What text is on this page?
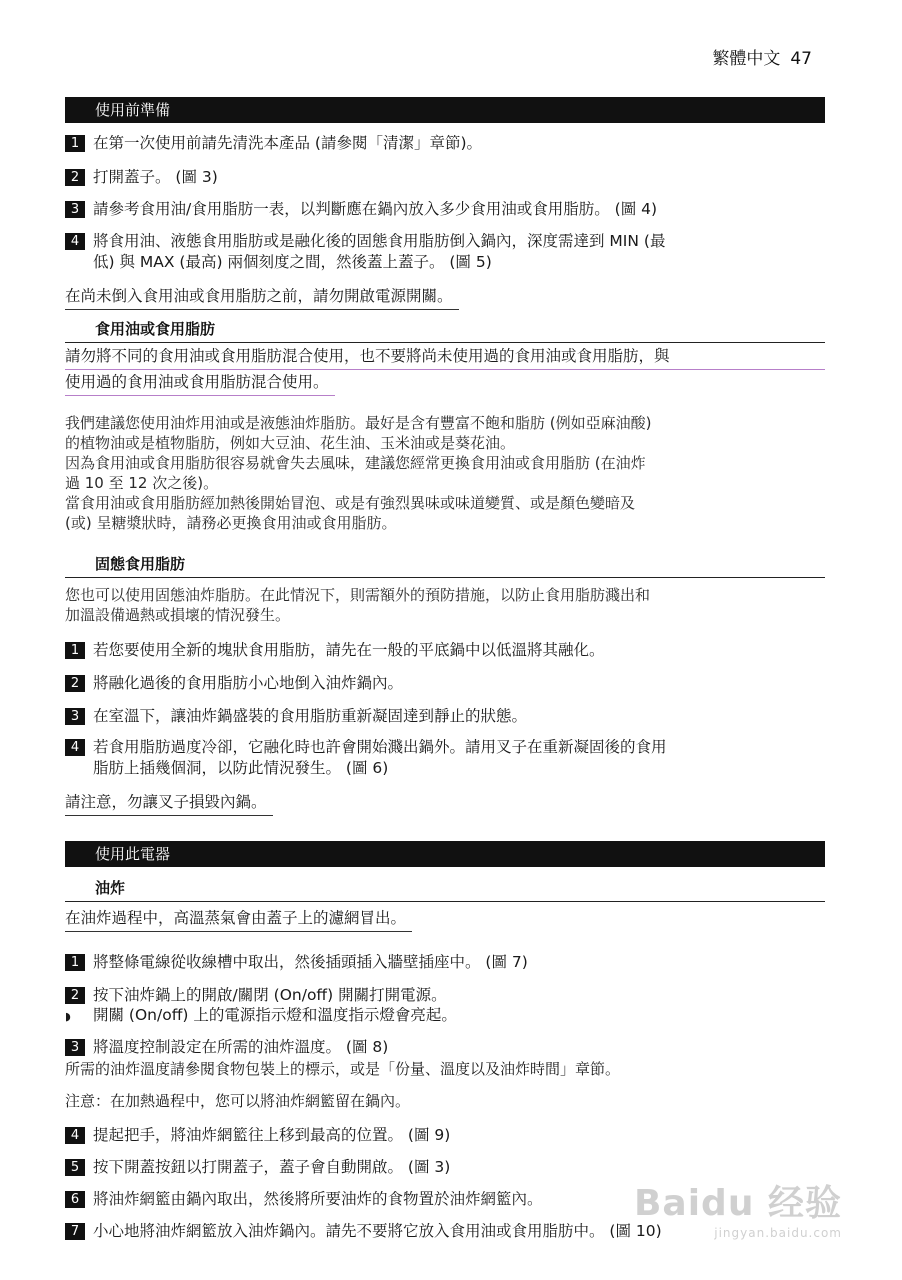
繁體中文 47
使用前準備
1 在第一次使用前請先清洗本產品 (請參閱「清潔」章節)。
2 打開蓋子。 (圖 3)
3 請參考食用油/食用脂肪一表，以判斷應在鍋內放入多少食用油或食用脂肪。 (圖 4)
4 將食用油、液態食用脂肪或是融化後的固態食用脂肪倒入鍋內，深度需達到 MIN (最
低) 與 MAX (最高) 兩個刻度之間，然後蓋上蓋子。 (圖 5)
在尚未倒入食用油或食用脂肪之前，請勿開啟電源開關。
食用油或食用脂肪
請勿將不同的食用油或食用脂肪混合使用，也不要將尚未使用過的食用油或食用脂肪，與
使用過的食用油或食用脂肪混合使用。

我們建議您使用油炸用油或是液態油炸脂肪。最好是含有豐富不飽和脂肪 (例如亞麻油酸)

的植物油或是植物脂肪，例如大豆油、花生油、玉米油或是葵花油。

因為食用油或食用脂肪很容易就會失去風味，建議您經常更換食用油或食用脂肪 (在油炸

過 10 至 12 次之後)。

當食用油或食用脂肪經加熱後開始冒泡、或是有強烈異味或味道變質、或是顏色變暗及

(或) 呈糖漿狀時，請務必更換食用油或食用脂肪。

固態食用脂肪

您也可以使用固態油炸脂肪。在此情況下，則需額外的預防措施，以防止食用脂肪濺出和

加溫設備過熱或損壞的情況發生。

1 若您要使用全新的塊狀食用脂肪，請先在一般的平底鍋中以低溫將其融化。
2 將融化過後的食用脂肪小心地倒入油炸鍋內。
3 在室溫下，讓油炸鍋盛裝的食用脂肪重新凝固達到靜止的狀態。
4 若食用脂肪過度冷卻，它融化時也許會開始濺出鍋外。請用叉子在重新凝固後的食用
脂肪上插幾個洞，以防此情況發生。 (圖 6)
請注意，勿讓叉子損毀內鍋。
使用此電器
油炸
在油炸過程中，高溫蒸氣會由蓋子上的濾網冒出。
1 將整條電線從收線槽中取出，然後插頭插入牆壁插座中。 (圖 7)
2 按下油炸鍋上的開啟/關閉 (On/off) 開關打開電源。
◗ 開關 (On/off) 上的電源指示燈和溫度指示燈會亮起。
3 將溫度控制設定在所需的油炸溫度。 (圖 8)
所需的油炸溫度請參閱食物包裝上的標示，或是「份量、溫度以及油炸時間」章節。
注意：在加熱過程中，您可以將油炸網籃留在鍋內。
4 提起把手，將油炸網籃往上移到最高的位置。 (圖 9)
5 按下開蓋按鈕以打開蓋子，蓋子會自動開啟。 (圖 3)
6 將油炸網籃由鍋內取出，然後將所要油炸的食物置於油炸網籃內。
7 小心地將油炸網籃放入油炸鍋內。請先不要將它放入食用油或食用脂肪中。 (圖 10)
Baidu 经验
jingyan.baidu.com
